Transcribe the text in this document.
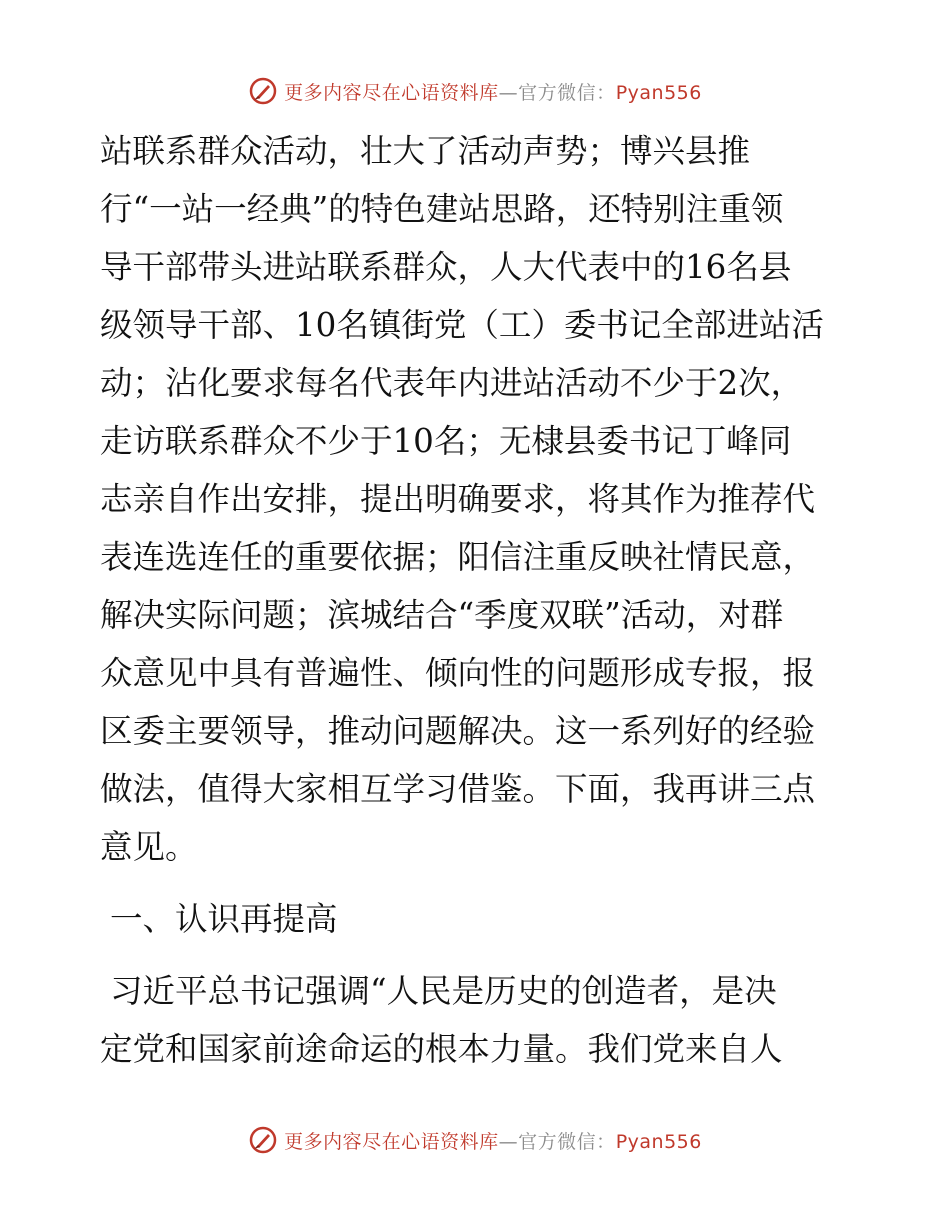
更多内容尽在心语资料库—官方微信：Pyan556
站联系群众活动，壮大了活动声势；博兴县推
行“一站一经典”的特色建站思路，还特别注重领
导干部带头进站联系群众，人大代表中的16名县
级领导干部、10名镇街党（工）委书记全部进站活
动；沾化要求每名代表年内进站活动不少于2次，
走访联系群众不少于10名；无棣县委书记丁峰同
志亲自作出安排，提出明确要求，将其作为推荐代
表连选连任的重要依据；阳信注重反映社情民意，
解决实际问题；滨城结合“季度双联”活动，对群
众意见中具有普遍性、倾向性的问题形成专报，报
区委主要领导，推动问题解决。这一系列好的经验
做法，值得大家相互学习借鉴。下面，我再讲三点
意见。
一、认识再提高
习近平总书记强调“人民是历史的创造者，是决
定党和国家前途命运的根本力量。我们党来自人
更多内容尽在心语资料库—官方微信：Pyan556
